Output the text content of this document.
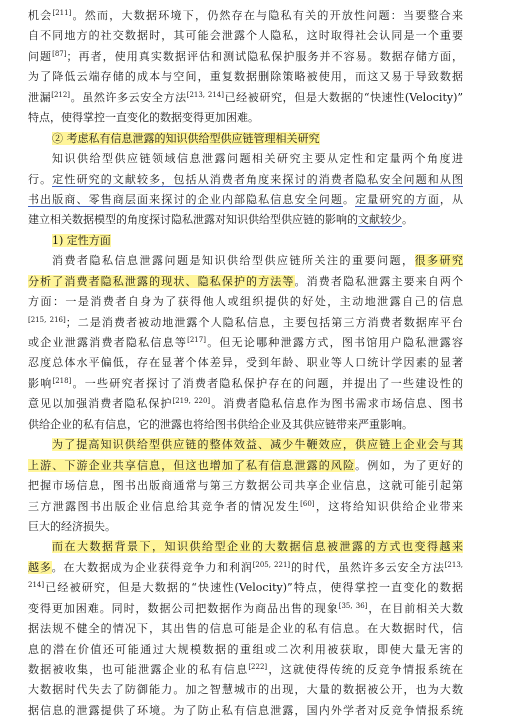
机会[211]。然而，大数据环境下，仍然存在与隐私有关的开放性问题：当要整合来
自不同地方的社交数据时，其可能会泄露个人隐私，这时取得社会认同是一个重要
问题[87]；再者，使用真实数据评估和测试隐私保护服务并不容易。数据存储方面，
为了降低云端存储的成本与空间，重复数据删除策略被使用，而这又易于导致数据
泄漏[212]。虽然许多云安全方法[213, 214]已经被研究，但是大数据的“快速性(Velocity)”
特点，使得掌控一直变化的数据变得更加困难。
② 考虑私有信息泄露的知识供给型供应链管理相关研究
知识供给型供应链领域信息泄露问题相关研究主要从定性和定量两个角度进
行。定性研究的文献较多，包括从消费者角度来探讨的消费者隐私安全问题和从图
书出版商、零售商层面来探讨的企业内部隐私信息安全问题。定量研究的方面，从
建立相关数据模型的角度探讨隐私泄露对知识供给型供应链的影响的文献较少。
1) 定性方面
消费者隐私信息泄露问题是知识供给型供应链所关注的重要问题，很多研究
分析了消费者隐私泄露的现状、隐私保护的方法等。消费者隐私泄露主要来自两个
方面：一是消费者自身为了获得他人或组织提供的好处，主动地泄露自己的信息
[215, 216]；二是消费者被动地泄露个人隐私信息，主要包括第三方消费者数据库平台
或企业泄露消费者隐私信息等[217]。但无论哪种泄露方式，图书馆用户隐私泄露容
忍度总体水平偏低，存在显著个体差异，受到年龄、职业等人口统计学因素的显著
影响[218]。一些研究者探讨了消费者隐私保护存在的问题，并提出了一些建设性的
意见以加强消费者隐私保护[219, 220]。消费者隐私信息作为图书需求市场信息、图书
供给企业的私有信息，它的泄露也将给图书供给企业及其供应链带来严重影响。
为了提高知识供给型供应链的整体效益、减少牛鞭效应，供应链上企业会与其
上游、下游企业共享信息，但这也增加了私有信息泄露的风险。例如，为了更好的
把握市场信息，图书出版商通常与第三方数据公司共享企业信息，这就可能引起第
三方泄露图书出版企业信息给其竞争者的情况发生[60]，这将给知识供给企业带来
巨大的经济损失。
而在大数据背景下，知识供给型企业的大数据信息被泄露的方式也变得越来
越多。在大数据成为企业获得竞争力和利润[205, 221]的时代，虽然许多云安全方法$^{[213,}$
$^{214]}$已经被研究，但是大数据的“快速性(Velocity)”特点，使得掌控一直变化的数据
变得更加困难。同时，数据公司把数据作为商品出售的现象[35, 36]，在目前相关大数
据法规不健全的情况下，其出售的信息可能是企业的私有信息。在大数据时代，信
息的潜在价值还可能通过大规模数据的重组或二次利用被获取，即使大量无害的
数据被收集，也可能泄露企业的私有信息[222]，这就使得传统的反竞争情报系统在
大数据时代失去了防御能力。加之智慧城市的出现，大量的数据被公开，也为大数
据信息的泄露提供了环境。为了防止私有信息泄露，国内外学者对反竞争情报系统
